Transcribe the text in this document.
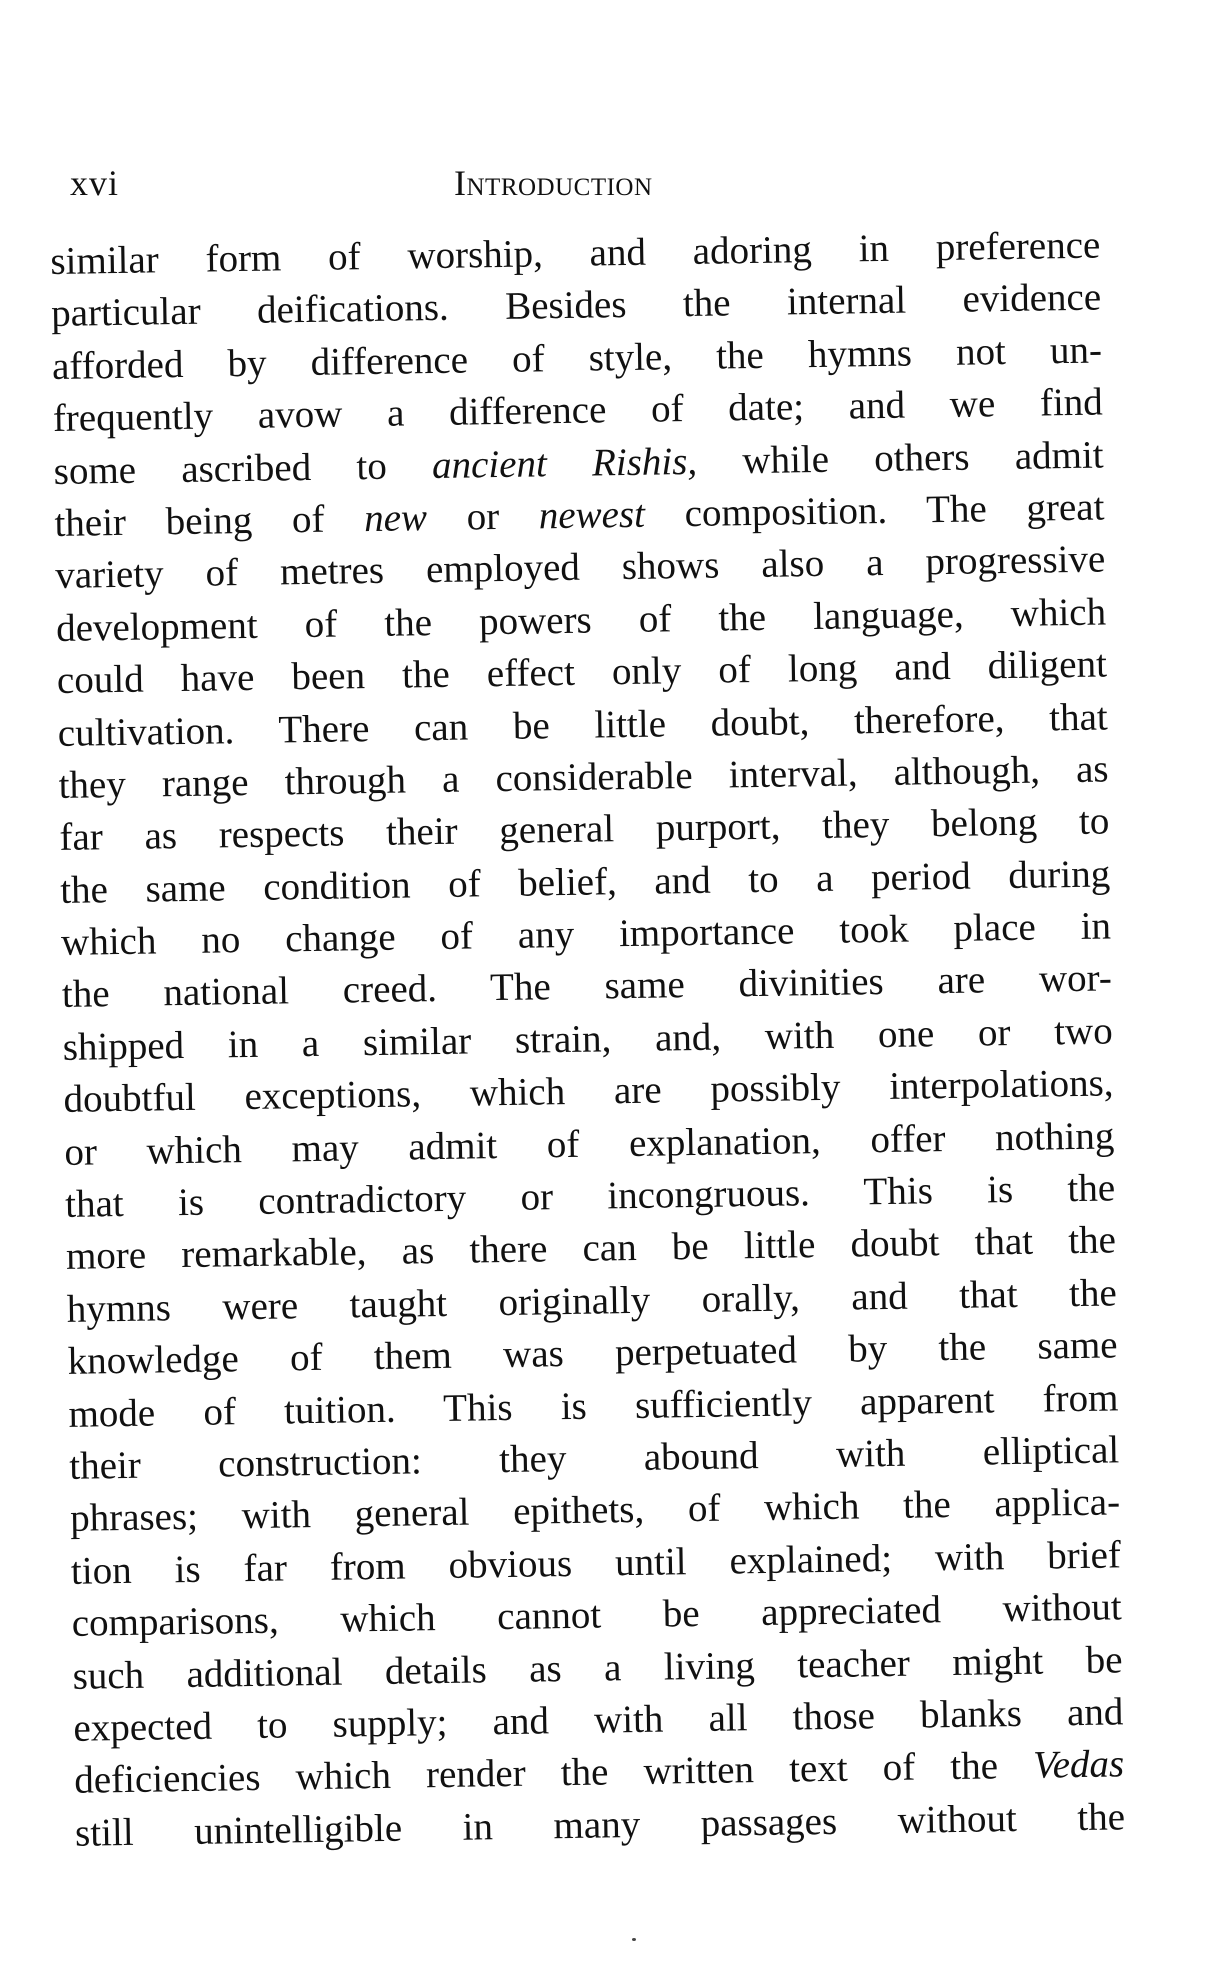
xvi	Introduction
similar form of worship, and adoring in preference
particular deifications. Besides the internal evidence
afforded by difference of style, the hymns not un-
frequently avow a difference of date; and we find
some ascribed to ancient Rishis, while others admit
their being of new or newest composition. The great
variety of metres employed shows also a progressive
development of the powers of the language, which
could have been the effect only of long and diligent
cultivation. There can be little doubt, therefore, that
they range through a considerable interval, although, as
far as respects their general purport, they belong to
the same condition of belief, and to a period during
which no change of any importance took place in
the national creed. The same divinities are wor-
shipped in a similar strain, and, with one or two
doubtful exceptions, which are possibly interpolations,
or which may admit of explanation, offer nothing
that is contradictory or incongruous. This is the
more remarkable, as there can be little doubt that the
hymns were taught originally orally, and that the
knowledge of them was perpetuated by the same
mode of tuition. This is sufficiently apparent from
their construction: they abound with elliptical
phrases; with general epithets, of which the applica-
tion is far from obvious until explained; with brief
comparisons, which cannot be appreciated without
such additional details as a living teacher might be
expected to supply; and with all those blanks and
deficiencies which render the written text of the Vedas
still unintelligible in many passages without the
